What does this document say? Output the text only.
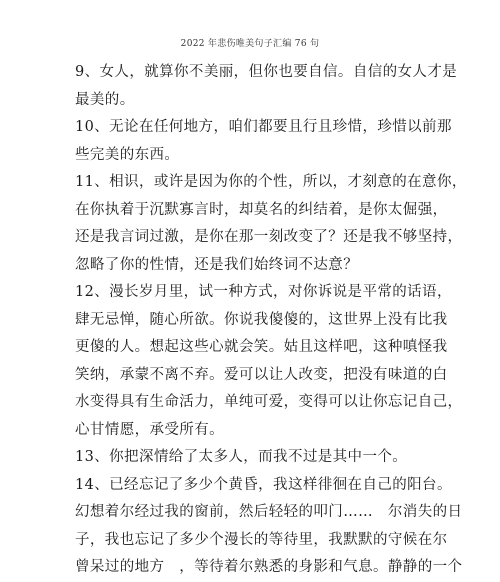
2022 年悲伤唯美句子汇编 76 句
9、女人，就算你不美丽，但你也要自信。自信的女人才是
最美的。
10、无论在任何地方，咱们都要且行且珍惜，珍惜以前那
些完美的东西。
11、相识，或许是因为你的个性，所以，才刻意的在意你，
在你执着于沉默寡言时，却莫名的纠结着，是你太倔强，
还是我言词过激，是你在那一刻改变了？还是我不够坚持，
忽略了你的性情，还是我们始终词不达意？
12、漫长岁月里，试一种方式，对你诉说是平常的话语，
肆无忌惮，随心所欲。你说我傻傻的，这世界上没有比我
更傻的人。想起这些心就会笑。姑且这样吧，这种嗔怪我
笑纳，承蒙不离不弃。爱可以让人改变，把没有味道的白
水变得具有生命活力，单纯可爱，变得可以让你忘记自己，
心甘情愿，承受所有。
13、你把深情给了太多人，而我不过是其中一个。
14、已经忘记了多少个黄昏，我这样徘徊在自己的阳台。
幻想着尔经过我的窗前，然后轻轻的叩门……　尔消失的日
子，我也忘记了多少个漫长的等待里，我默默的守候在尔
曾呆过的地方　，等待着尔熟悉的身影和气息。静静的一个
